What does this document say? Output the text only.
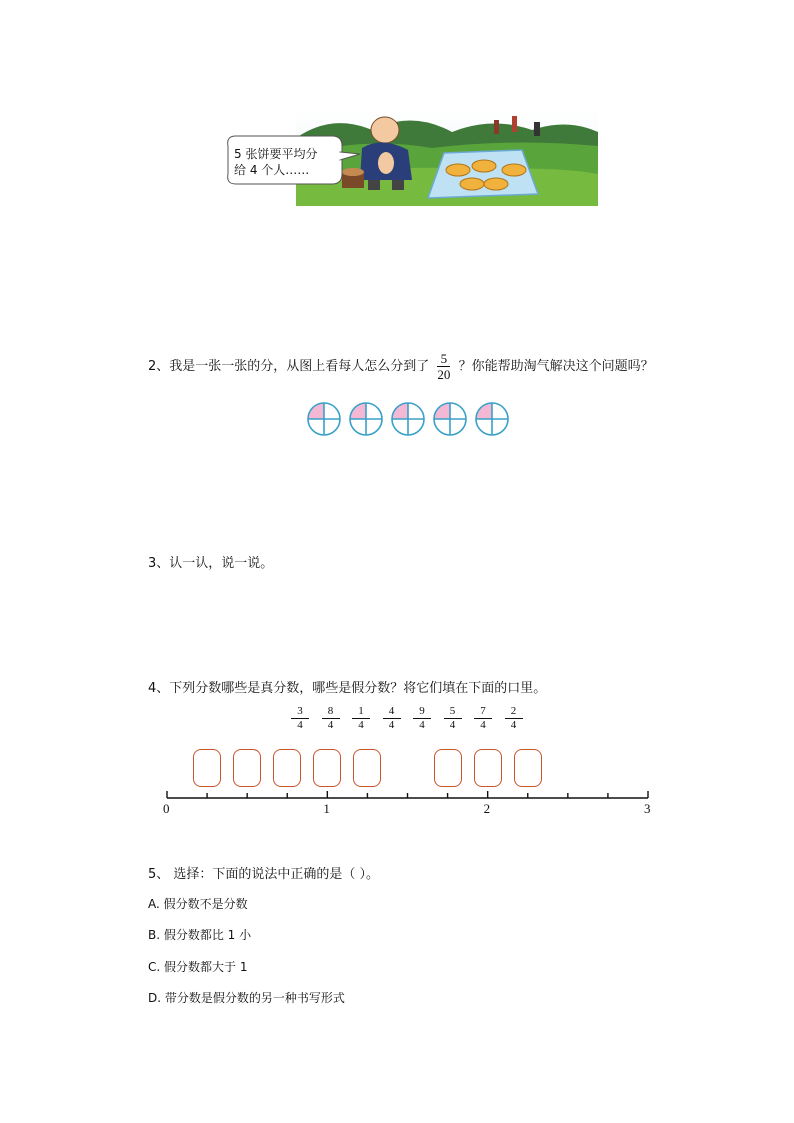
5 张饼要平均分
给 4 个人……
2、我是一张一张的分，从图上看每人怎么分到了 $\frac{5}{20}$ ？你能帮助淘气解决这个问题吗？
3、认一认，说一说。
4、下列分数哪些是真分数，哪些是假分数？将它们填在下面的口里。
$\frac{3}{4} \frac{8}{4} \frac{1}{4} \frac{4}{4} \frac{9}{4} \frac{5}{4} \frac{7}{4} \frac{2}{4}$
0	1	2	3
5、 选择：下面的说法中正确的是（ ）。
A. 假分数不是分数
B. 假分数都比 1 小
C. 假分数都大于 1
D. 带分数是假分数的另一种书写形式
